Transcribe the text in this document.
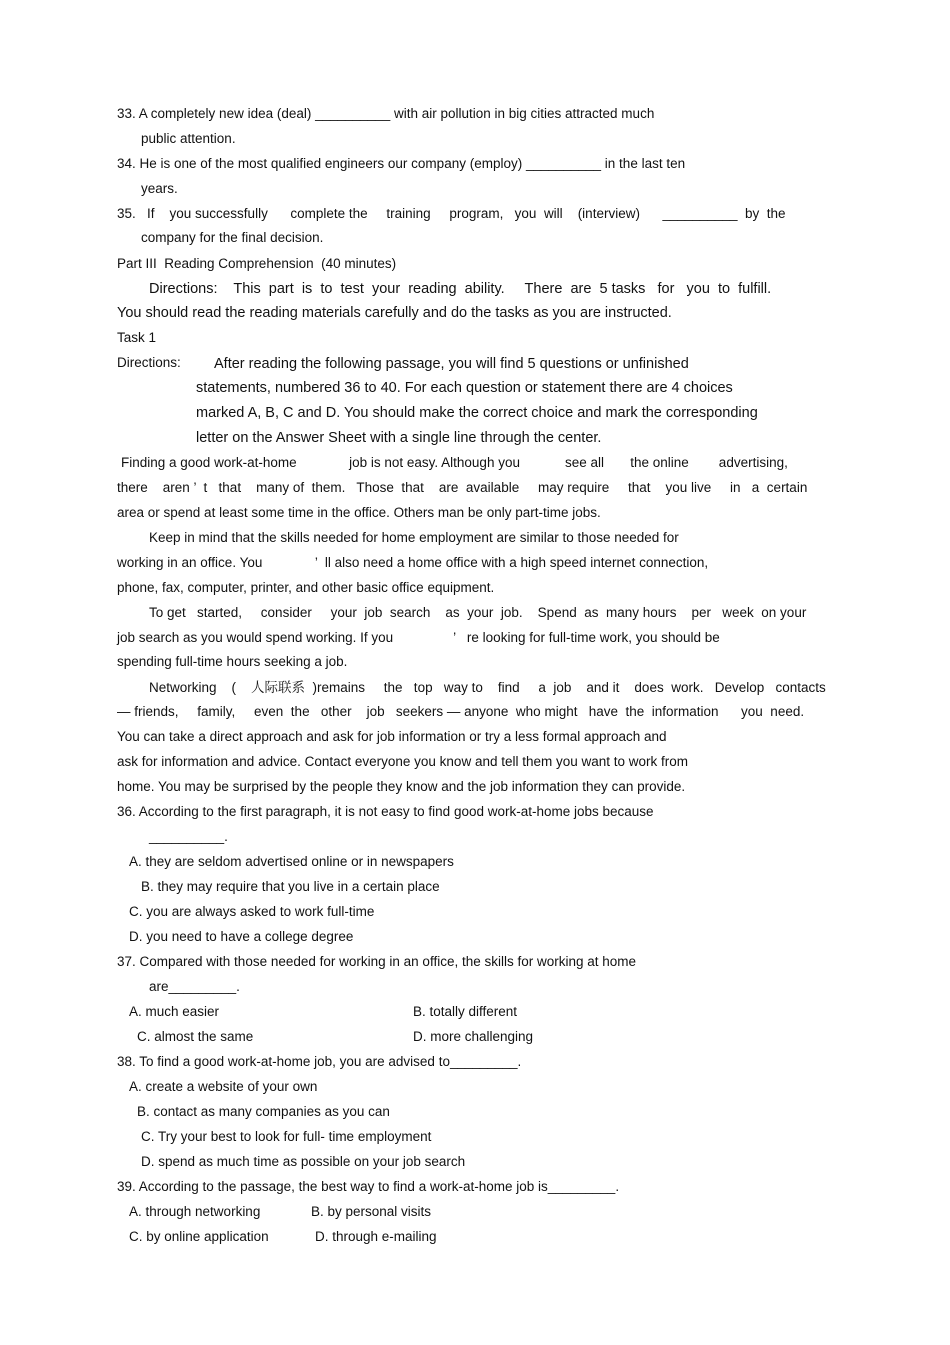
33. A completely new idea (deal) __________ with air pollution in big cities attracted much
public attention.
34. He is one of the most qualified engineers our company (employ) __________ in the last ten
years.
35.   If    you successfully      complete the     training     program,   you  will    (interview)      __________  by  the
company for the final decision.
Part III  Reading Comprehension  (40 minutes)
Directions:    This  part  is  to  test  your  reading  ability.     There  are  5 tasks   for   you  to  fulfill.
You should read the reading materials carefully and do the tasks as you are instructed.
Task 1
Directions: After reading the following passage, you will find 5 questions or unfinished
statements, numbered 36 to 40. For each question or statement there are 4 choices
marked A, B, C and D. You should make the correct choice and mark the corresponding
letter on the Answer Sheet with a single line through the center.
Finding a good work-at-home              job is not easy. Although you            see all       the online        advertising,
there    aren ’  t   that    many of  them.   Those  that    are  available     may require     that    you live     in   a  certain
area or spend at least some time in the office. Others man be only part-time jobs.
Keep in mind that the skills needed for home employment are similar to those needed for
working in an office. You              ’  ll also need a home office with a high speed internet connection,
phone, fax, computer, printer, and other basic office equipment.
To get   started,     consider     your  job  search    as  your  job.    Spend  as  many hours    per   week  on your
job search as you would spend working. If you                ’   re looking for full-time work, you should be
spending full-time hours seeking a job.
Networking    (    人际联系  )remains     the   top   way to    find     a  job    and it    does  work.   Develop   contacts
— friends,     family,     even  the   other    job   seekers — anyone  who might   have  the  information      you  need.
You can take a direct approach and ask for job information or try a less formal approach and
ask for information and advice. Contact everyone you know and tell them you want to work from
home. You may be surprised by the people they know and the job information they can provide.
36. According to the first paragraph, it is not easy to find good work-at-home jobs because
__________.
A. they are seldom advertised online or in newspapers
B. they may require that you live in a certain place
C. you are always asked to work full-time
D. you need to have a college degree
37. Compared with those needed for working in an office, the skills for working at home
are_________.
A. much easier	B. totally different
C. almost the same	D. more challenging
38. To find a good work-at-home job, you are advised to_________.
A. create a website of your own
B. contact as many companies as you can
C. Try your best to look for full- time employment
D. spend as much time as possible on your job search
39. According to the passage, the best way to find a work-at-home job is_________.
A. through networking	B. by personal visits
C. by online application	D. through e-mailing
